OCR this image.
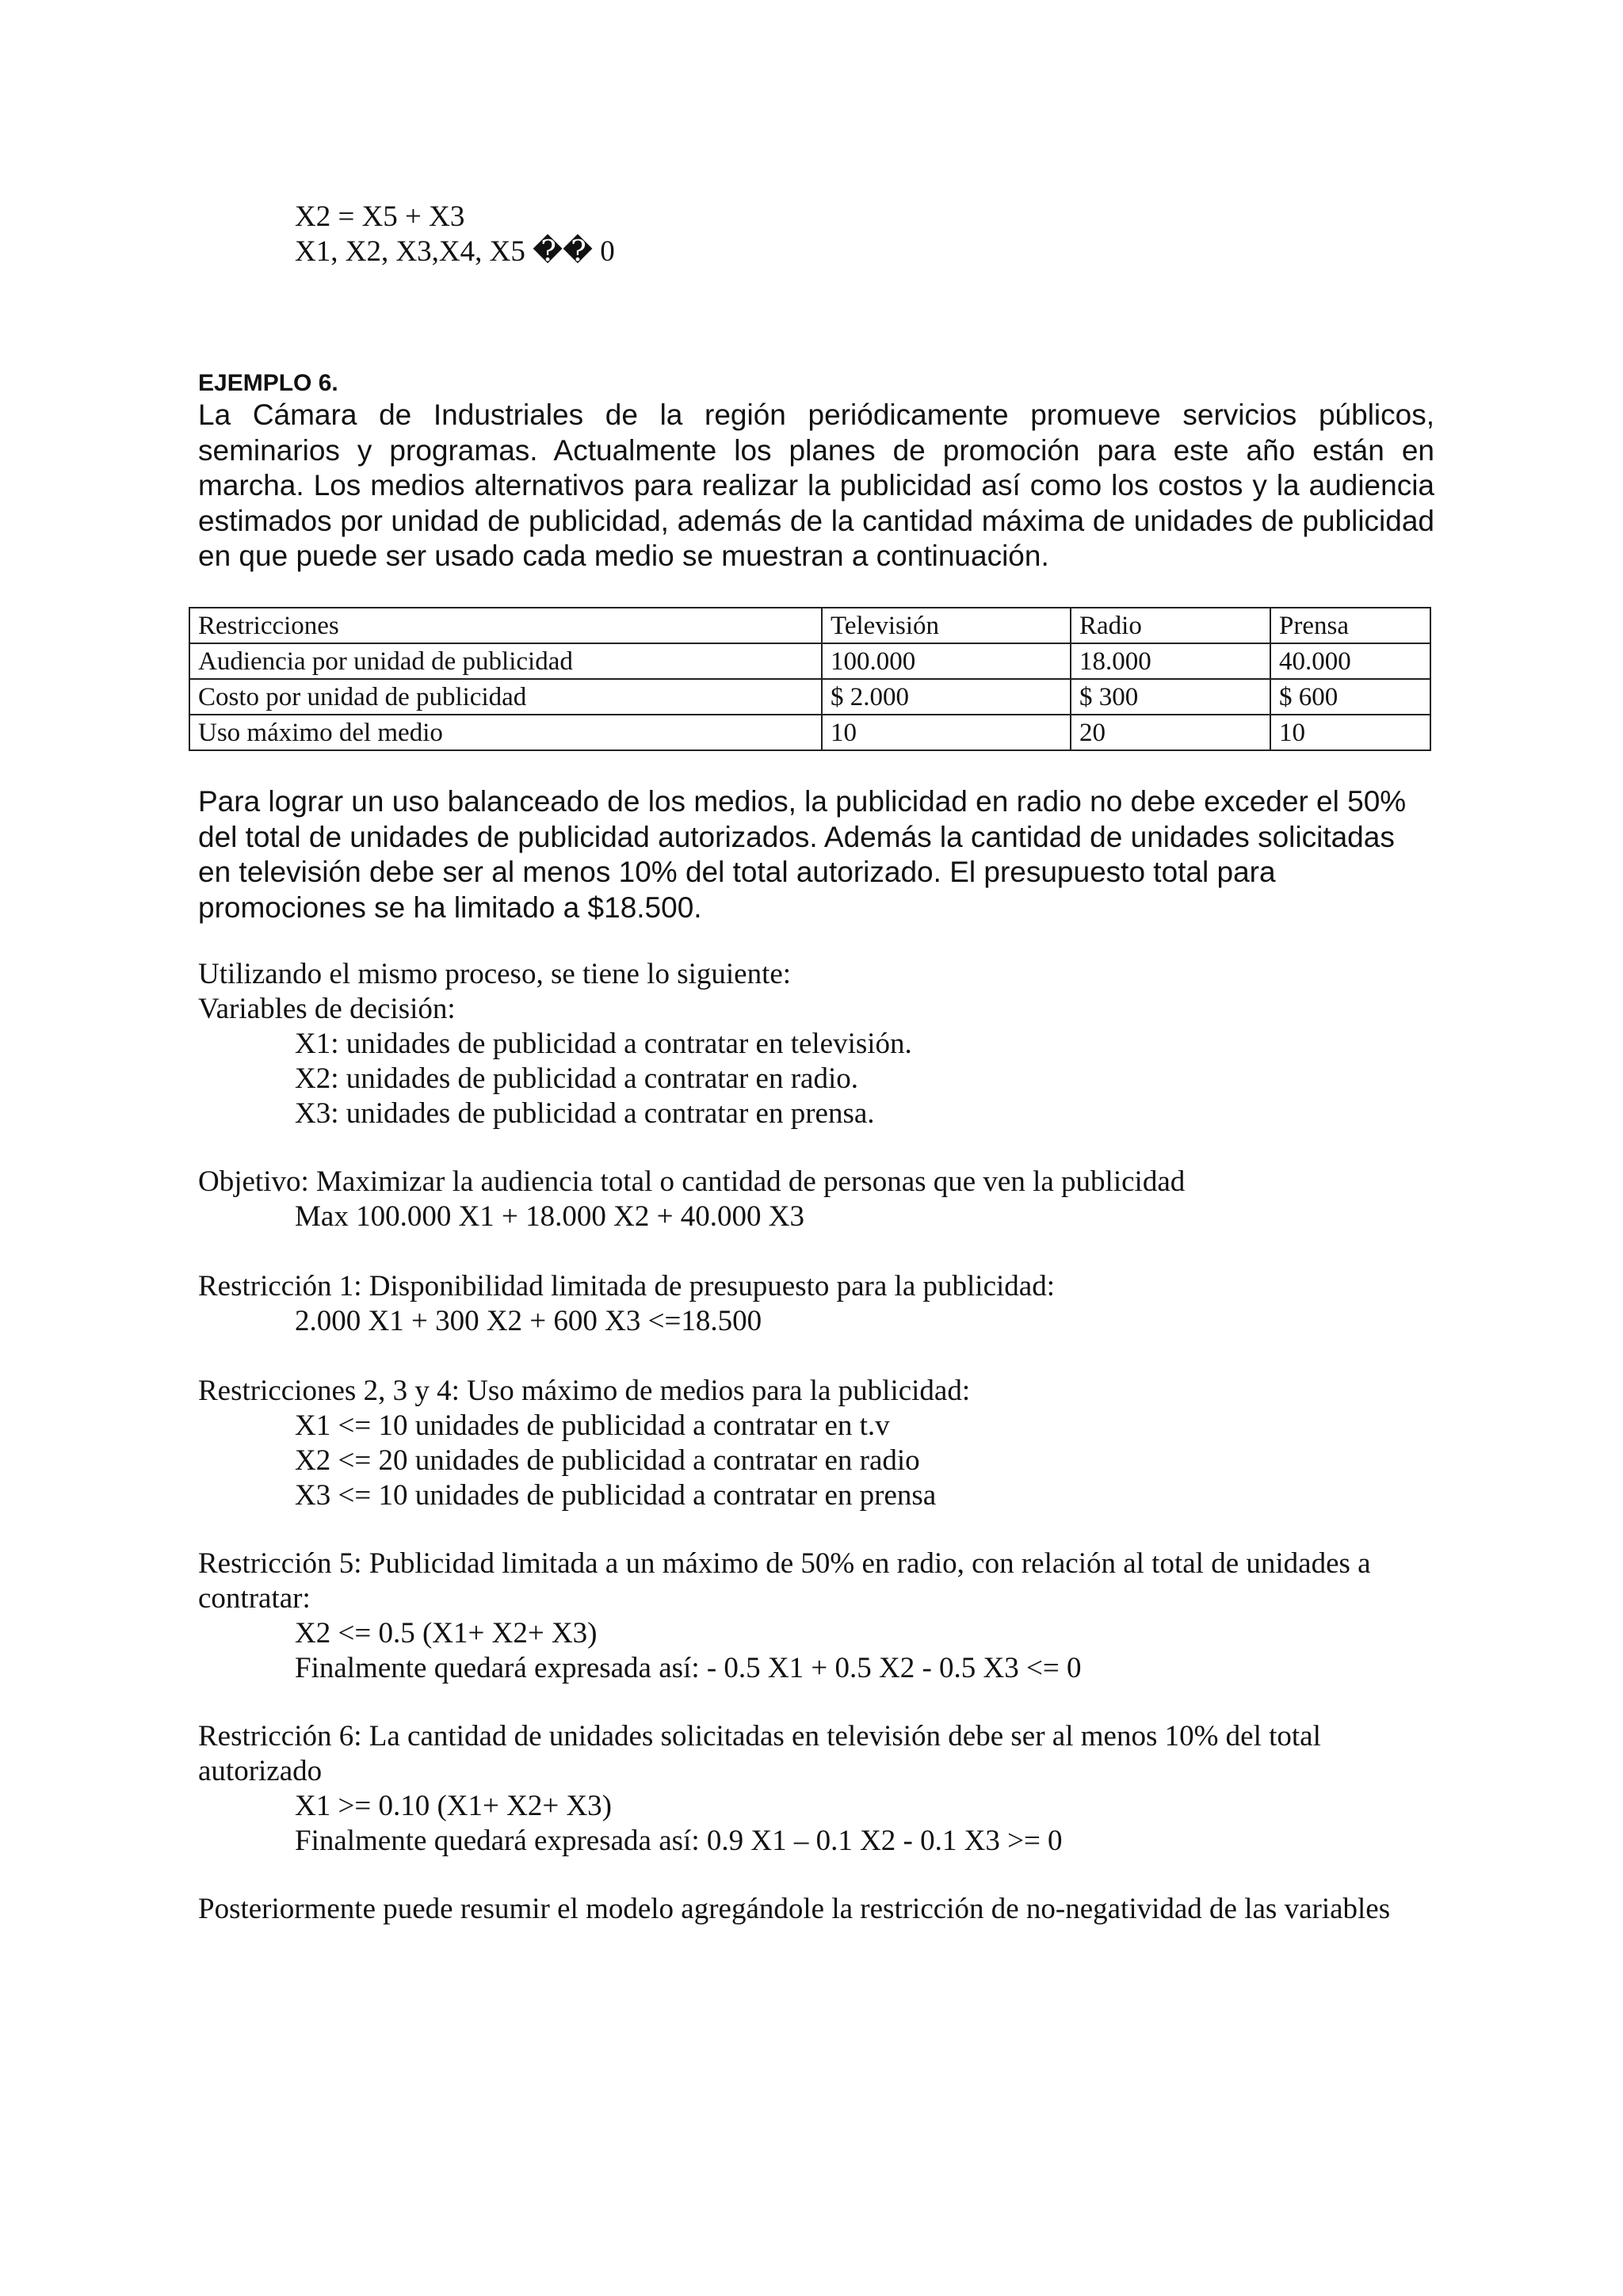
X2 = X5 + X3

X1, X2, X3,X4, X5 �� 0

EJEMPLO 6.

La Cámara de Industriales de la región periódicamente promueve servicios públicos, seminarios y programas. Actualmente los planes de promoción para este año están en marcha. Los medios alternativos para realizar la publicidad así como los costos y la audiencia estimados por unidad de publicidad, además de la cantidad máxima de unidades de publicidad en que puede ser usado cada medio se muestran a continuación.

Restricciones	Televisión	Radio	Prensa
Audiencia por unidad de publicidad	100.000	18.000	40.000
Costo por unidad de publicidad	$ 2.000	$ 300	$ 600
Uso máximo del medio	10	20	10

Para lograr un uso balanceado de los medios, la publicidad en radio no debe exceder el 50% del total de unidades de publicidad autorizados. Además la cantidad de unidades solicitadas en televisión debe ser al menos 10% del total autorizado. El presupuesto total para promociones se ha limitado a $18.500.

Utilizando el mismo proceso, se tiene lo siguiente:

Variables de decisión:

X1: unidades de publicidad a contratar en televisión.

X2: unidades de publicidad a contratar en radio.

X3: unidades de publicidad a contratar en prensa.

Objetivo: Maximizar la audiencia total o cantidad de personas que ven la publicidad

Max 100.000 X1 + 18.000 X2 + 40.000 X3

Restricción 1: Disponibilidad limitada de presupuesto para la publicidad:

2.000 X1 + 300 X2 + 600 X3 <=18.500

Restricciones 2, 3 y 4: Uso máximo de medios para la publicidad:

X1 <= 10 unidades de publicidad a contratar en t.v

X2 <= 20 unidades de publicidad a contratar en radio

X3 <= 10 unidades de publicidad a contratar en prensa

Restricción 5: Publicidad limitada a un máximo de 50% en radio, con relación al total de unidades a

contratar:

X2 <= 0.5 (X1+ X2+ X3)

Finalmente quedará expresada así: - 0.5 X1 + 0.5 X2 - 0.5 X3 <= 0

Restricción 6: La cantidad de unidades solicitadas en televisión debe ser al menos 10% del total

autorizado

X1 >= 0.10 (X1+ X2+ X3)

Finalmente quedará expresada así: 0.9 X1 – 0.1 X2 - 0.1 X3 >= 0

Posteriormente puede resumir el modelo agregándole la restricción de no-negatividad de las variables
